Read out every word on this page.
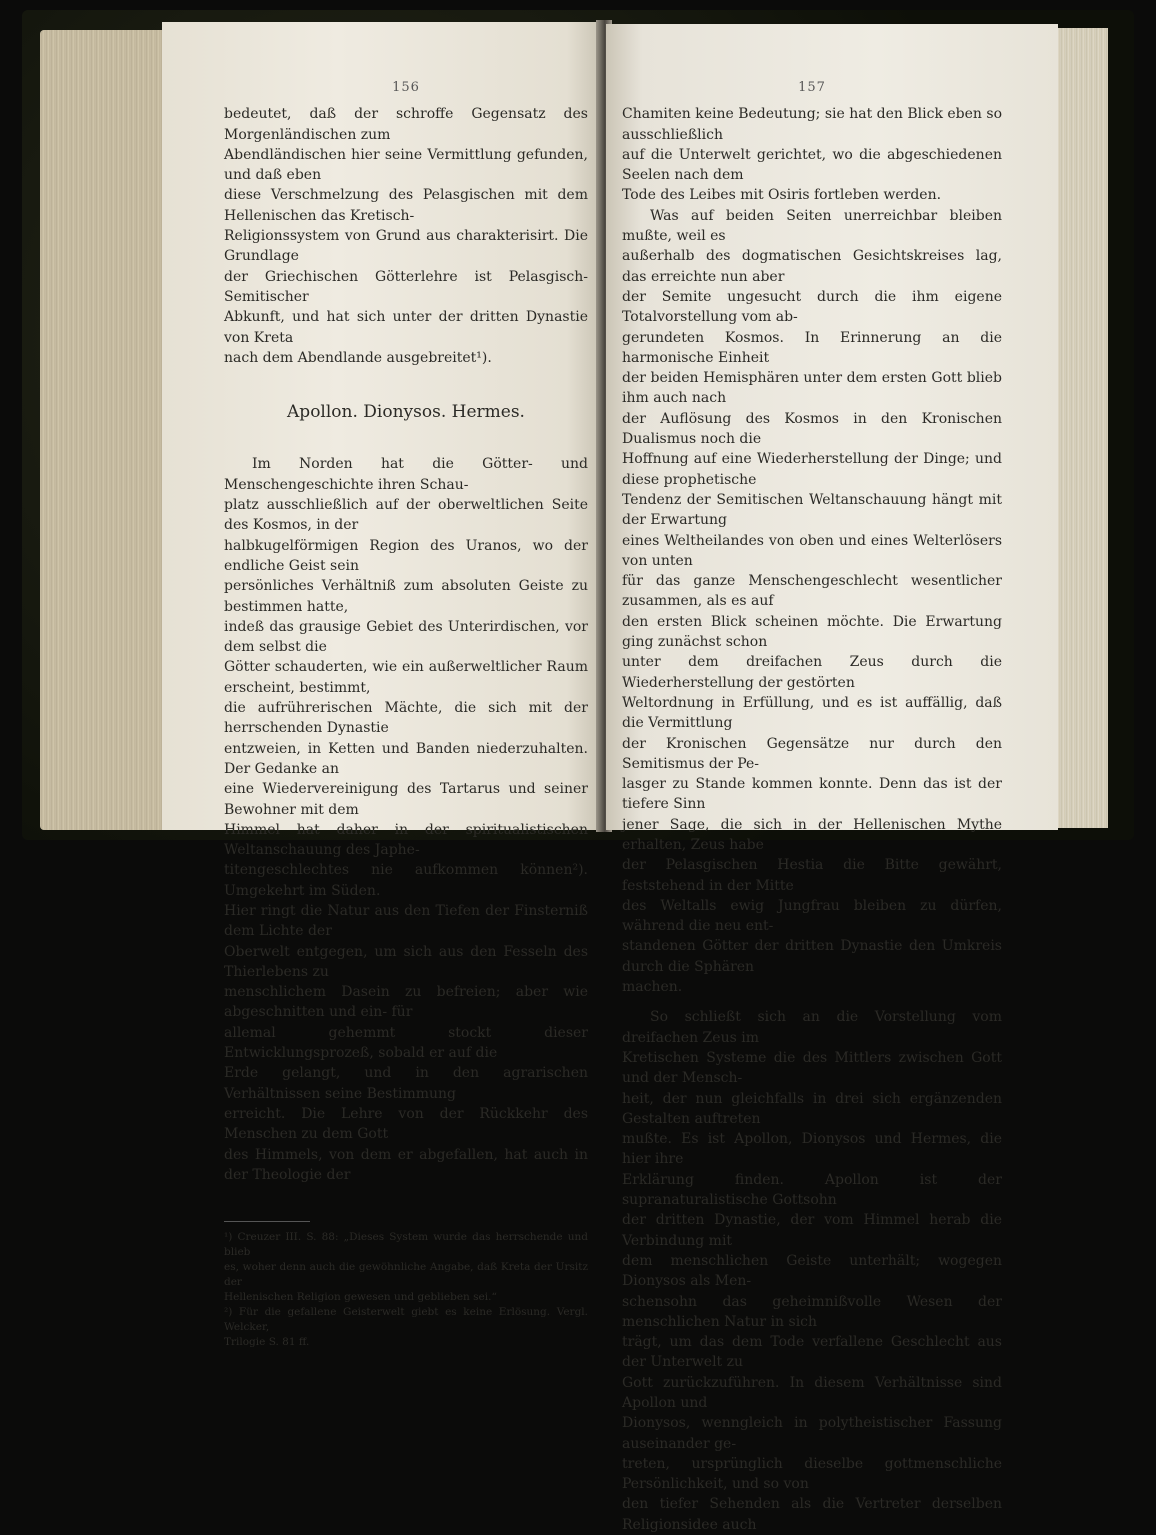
156

bedeutet, daß der schroffe Gegensatz des Morgenländischen zum

Abendländischen hier seine Vermittlung gefunden, und daß eben

diese Verschmelzung des Pelasgischen mit dem Hellenischen das Kretisch-

Religionssystem von Grund aus charakterisirt. Die Grundlage

der Griechischen Götterlehre ist Pelasgisch-Semitischer

Abkunft, und hat sich unter der dritten Dynastie von Kreta

nach dem Abendlande ausgebreitet¹).

Apollon. Dionysos. Hermes.

Im Norden hat die Götter- und Menschengeschichte ihren Schau-

platz ausschließlich auf der oberweltlichen Seite des Kosmos, in der

halbkugelförmigen Region des Uranos, wo der endliche Geist sein

persönliches Verhältniß zum absoluten Geiste zu bestimmen hatte,

indeß das grausige Gebiet des Unterirdischen, vor dem selbst die

Götter schauderten, wie ein außerweltlicher Raum erscheint, bestimmt,

die aufrührerischen Mächte, die sich mit der herrschenden Dynastie

entzweien, in Ketten und Banden niederzuhalten. Der Gedanke an

eine Wiedervereinigung des Tartarus und seiner Bewohner mit dem

Himmel hat daher in der spiritualistischen Weltanschauung des Japhe-

titengeschlechtes nie aufkommen können²). Umgekehrt im Süden.

Hier ringt die Natur aus den Tiefen der Finsterniß dem Lichte der

Oberwelt entgegen, um sich aus den Fesseln des Thierlebens zu

menschlichem Dasein zu befreien; aber wie abgeschnitten und ein- für

allemal gehemmt stockt dieser Entwicklungsprozeß, sobald er auf die

Erde gelangt, und in den agrarischen Verhältnissen seine Bestimmung

erreicht. Die Lehre von der Rückkehr des Menschen zu dem Gott

des Himmels, von dem er abgefallen, hat auch in der Theologie der

¹) Creuzer III. S. 88: „Dieses System wurde das herrschende und blieb

es, woher denn auch die gewöhnliche Angabe, daß Kreta der Ursitz der

Hellenischen Religion gewesen und geblieben sei.“

²) Für die gefallene Geisterwelt giebt es keine Erlösung. Vergl. Welcker,

Trilogie S. 81 ff.

157

Chamiten keine Bedeutung; sie hat den Blick eben so ausschließlich

auf die Unterwelt gerichtet, wo die abgeschiedenen Seelen nach dem

Tode des Leibes mit Osiris fortleben werden.

Was auf beiden Seiten unerreichbar bleiben mußte, weil es

außerhalb des dogmatischen Gesichtskreises lag, das erreichte nun aber

der Semite ungesucht durch die ihm eigene Totalvorstellung vom ab-

gerundeten Kosmos. In Erinnerung an die harmonische Einheit

der beiden Hemisphären unter dem ersten Gott blieb ihm auch nach

der Auflösung des Kosmos in den Kronischen Dualismus noch die

Hoffnung auf eine Wiederherstellung der Dinge; und diese prophetische

Tendenz der Semitischen Weltanschauung hängt mit der Erwartung

eines Weltheilandes von oben und eines Welterlösers von unten

für das ganze Menschengeschlecht wesentlicher zusammen, als es auf

den ersten Blick scheinen möchte. Die Erwartung ging zunächst schon

unter dem dreifachen Zeus durch die Wiederherstellung der gestörten

Weltordnung in Erfüllung, und es ist auffällig, daß die Vermittlung

der Kronischen Gegensätze nur durch den Semitismus der Pe-

lasger zu Stande kommen konnte. Denn das ist der tiefere Sinn

jener Sage, die sich in der Hellenischen Mythe erhalten, Zeus habe

der Pelasgischen Hestia die Bitte gewährt, feststehend in der Mitte

des Weltalls ewig Jungfrau bleiben zu dürfen, während die neu ent-

standenen Götter der dritten Dynastie den Umkreis durch die Sphären

machen.

So schließt sich an die Vorstellung vom dreifachen Zeus im

Kretischen Systeme die des Mittlers zwischen Gott und der Mensch-

heit, der nun gleichfalls in drei sich ergänzenden Gestalten auftreten

mußte. Es ist Apollon, Dionysos und Hermes, die hier ihre

Erklärung finden. Apollon ist der supranaturalistische Gottsohn

der dritten Dynastie, der vom Himmel herab die Verbindung mit

dem menschlichen Geiste unterhält; wogegen Dionysos als Men-

schensohn das geheimnißvolle Wesen der menschlichen Natur in sich

trägt, um das dem Tode verfallene Geschlecht aus der Unterwelt zu

Gott zurückzuführen. In diesem Verhältnisse sind Apollon und

Dionysos, wenngleich in polytheistischer Fassung auseinander ge-

treten, ursprünglich dieselbe gottmenschliche Persönlichkeit, und so von

den tiefer Sehenden als die Vertreter derselben Religionsidee auch
